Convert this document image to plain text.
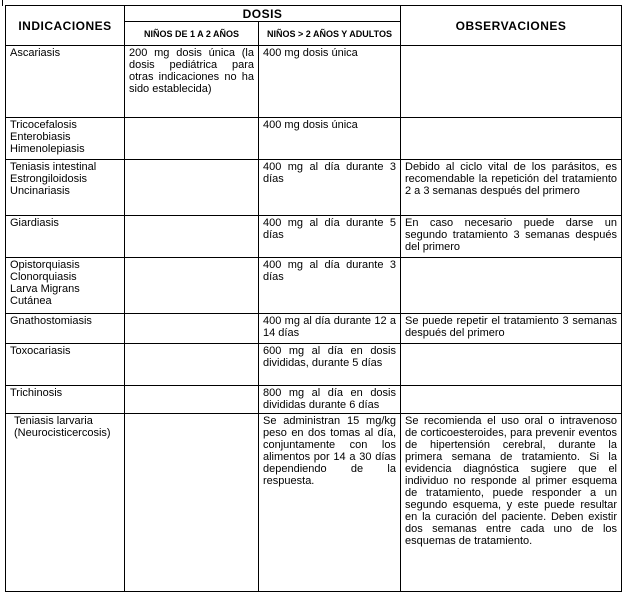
INDICACIONES	DOSIS		OBSERVACIONES
	NIÑOS DE 1 A 2 AÑOS	NIÑOS > 2 AÑOS Y ADULTOS	

Ascariasis	200 mg dosis única (la dosis pediátrica para otras indicaciones no ha sido establecida)	400 mg dosis única	

Tricocefalosis
Enterobiasis
Himenolepiasis		400 mg dosis única	

Teniasis intestinal
Estrongiloidosis
Uncinariasis		400 mg al día durante 3 días	Debido al ciclo vital de los parásitos, es recomendable la repetición del tratamiento 2 a 3 semanas después del primero

Giardiasis		400 mg al día durante 5 días	En caso necesario puede darse un segundo tratamiento 3 semanas después del primero

Opistorquiasis
Clonorquiasis
Larva Migrans Cutánea		400 mg al día durante 3 días	

Gnathostomiasis		400 mg al día durante 12 a 14 días	Se puede repetir el tratamiento 3 semanas después del primero

Toxocariasis		600 mg al día en dosis divididas, durante 5 días	

Trichinosis		800 mg al día en dosis divididas durante 6 días	

Teniasis larvaria (Neurocisticercosis)		Se administran 15 mg/kg peso en dos tomas al día, conjuntamente con los alimentos por 14 a 30 días dependiendo de la respuesta.	Se recomienda el uso oral o intravenoso de corticoesteroides, para prevenir eventos de hipertensión cerebral, durante la primera semana de tratamiento. Si la evidencia diagnóstica sugiere que el individuo no responde al primer esquema de tratamiento, puede responder a un segundo esquema, y este puede resultar en la curación del paciente. Deben existir dos semanas entre cada uno de los esquemas de tratamiento.
